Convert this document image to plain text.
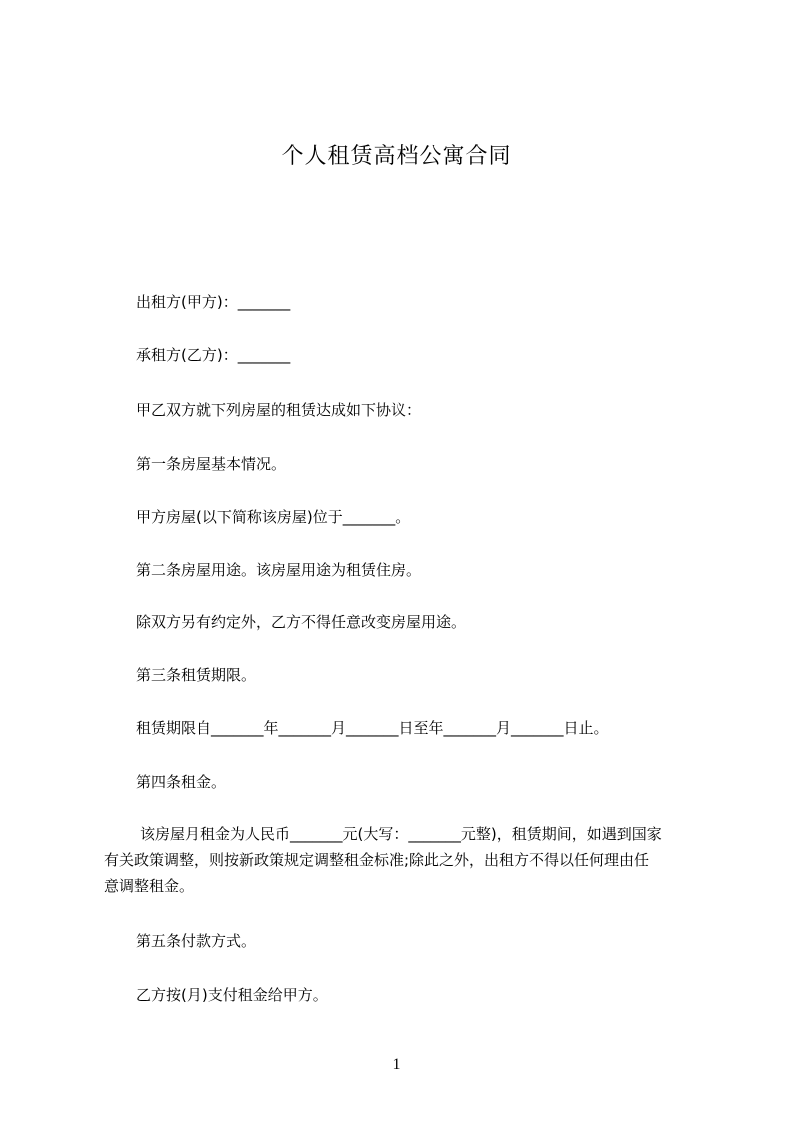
个人租赁高档公寓合同
出租方(甲方)：_______
承租方(乙方)：_______
甲乙双方就下列房屋的租赁达成如下协议：
第一条房屋基本情况。
甲方房屋(以下简称该房屋)位于_______。
第二条房屋用途。该房屋用途为租赁住房。
除双方另有约定外，乙方不得任意改变房屋用途。
第三条租赁期限。
租赁期限自_______年_______月_______日至年_______月_______日止。
第四条租金。
该房屋月租金为人民币_______元(大写：_______元整)，租赁期间，如遇到国家
有关政策调整，则按新政策规定调整租金标准;除此之外，出租方不得以任何理由任
意调整租金。
第五条付款方式。
乙方按(月)支付租金给甲方。
1
